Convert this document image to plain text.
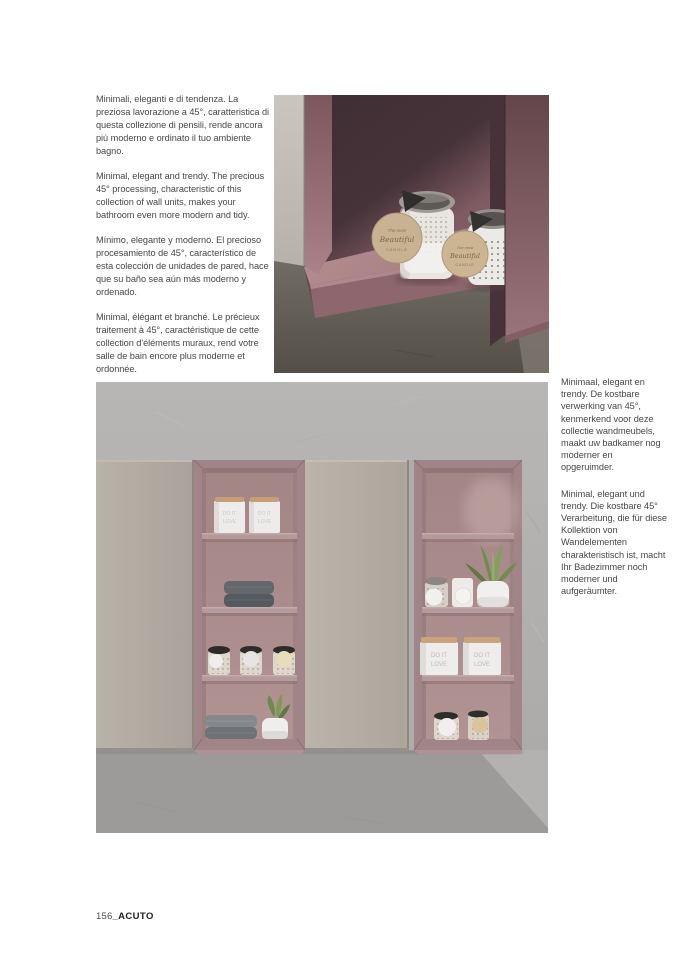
Minimali, eleganti e di tendenza. La preziosa lavorazione a 45°, caratteristica di questa collezione di pensili, rende ancora più moderno e ordinato il tuo ambiente bagno.

Minimal, elegant and trendy. The precious 45° processing, characteristic of this collection of wall units, makes your bathroom even more modern and tidy.

Mínimo, elegante y moderno. El precioso procesamiento de 45°, característico de esta colección de unidades de pared, hace que su baño sea aún más moderno y ordenado.

Minimal, élégant et branché. Le précieux traitement à 45°, caractéristique de cette collection d'éléments muraux, rend votre salle de bain encore plus moderne et ordonnée.

Minimaal, elegant en trendy. De kostbare verwerking van 45°, kenmerkend voor deze collectie wandmeubels, maakt uw badkamer nog moderner en opgeruimder.

Minimal, elegant und trendy. Die kostbare 45° Verarbeitung, die für diese Kollektion von Wandelementen charakteristisch ist, macht Ihr Badezimmer noch moderner und aufgeräumter.

The most
Beautiful
CANDLE	The most
Beautiful
CANDLE
DO IT
LOVE
DO IT
LOVE
DO IT
LOVE
DO IT
LOVE
156_ACUTO
